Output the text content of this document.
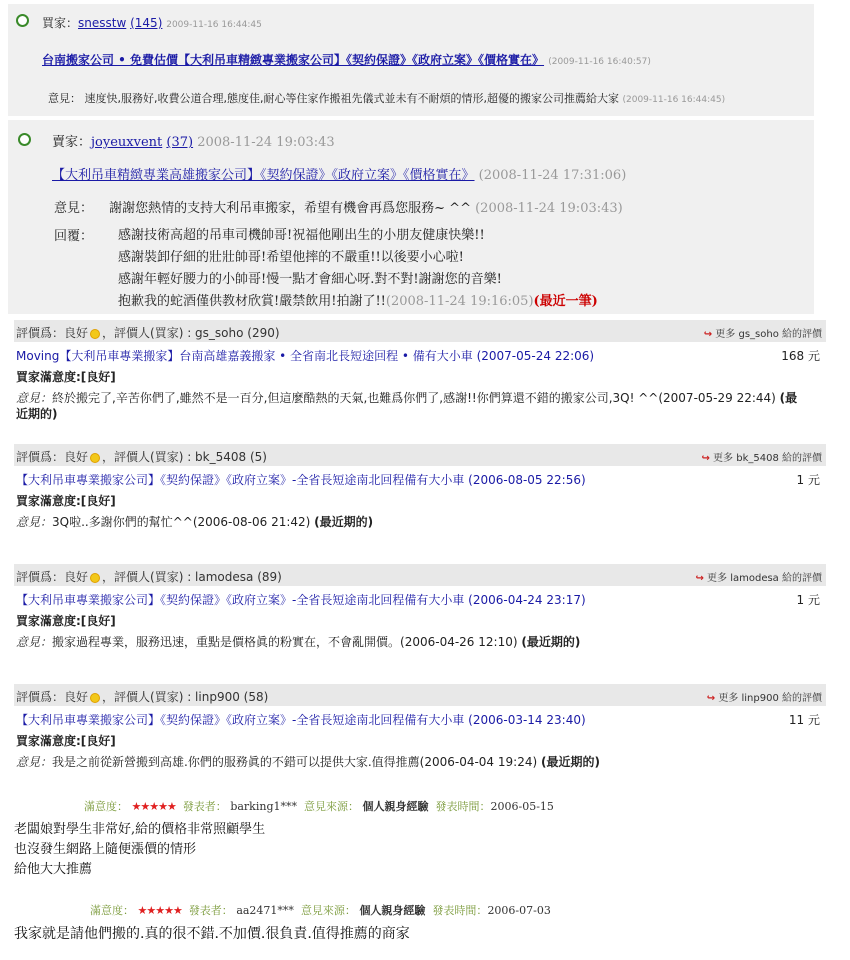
買家：snesstw (145) 2009-11-16 16:44:45
台南搬家公司 • 免費估價【大利吊車精緻專業搬家公司】《契約保證》《政府立案》《價格實在》 (2009-11-16 16:40:57)
意見： 速度快,服務好,收費公道合理,態度佳,耐心等住家作搬祖先儀式並未有不耐煩的情形,超優的搬家公司推薦給大家 (2009-11-16 16:44:45)
賣家：joyeuxvent (37) 2008-11-24 19:03:43
【大利吊車精緻專業高雄搬家公司】《契約保證》《政府立案》《價格實在》 (2008-11-24 17:31:06)
意見： 謝謝您熱情的支持大利吊車搬家，希望有機會再爲您服務~ ^^ (2008-11-24 19:03:43)
回覆： 感謝技術高超的吊車司機帥哥!祝福他剛出生的小朋友健康快樂!!
感謝裝卸仔細的壯壯帥哥!希望他摔的不嚴重!!以後要小心啦!
感謝年輕好腰力的小帥哥!慢一點才會細心呀.對不對!謝謝您的音樂!
抱歉我的蛇酒僅供教材欣賞!嚴禁飲用!拍謝了!!(2008-11-24 19:16:05)(最近一筆)
評價爲：良好 ，評價人(買家) : gs_soho (290)	↪ 更多 gs_soho 給的評價
Moving【大利吊車專業搬家】台南高雄嘉義搬家 • 全省南北長短途回程 • 備有大小車 (2007-05-24 22:06)	168 元
買家滿意度:[良好]
意見：終於搬完了,辛苦你們了,雖然不是一百分,但這麼酷熱的天氣,也難爲你們了,感謝!!你們算還不錯的搬家公司,3Q! ^^(2007-05-29 22:44) (最近期的)
評價爲：良好 ，評價人(買家) : bk_5408 (5)	↪ 更多 bk_5408 給的評價
【大利吊車專業搬家公司】《契約保證》《政府立案》-全省長短途南北回程備有大小車 (2006-08-05 22:56)	1 元
買家滿意度:[良好]
意見：3Q啦..多謝你們的幫忙^^(2006-08-06 21:42) (最近期的)
評價爲：良好 ，評價人(買家) : lamodesa (89)	↪ 更多 lamodesa 給的評價
【大利吊車專業搬家公司】《契約保證》《政府立案》-全省長短途南北回程備有大小車 (2006-04-24 23:17)	1 元
買家滿意度:[良好]
意見：搬家過程專業，服務迅速，重點是價格眞的粉實在，不會亂開價。(2006-04-26 12:10) (最近期的)
評價爲：良好 ，評價人(買家) : linp900 (58)	↪ 更多 linp900 給的評價
【大利吊車專業搬家公司】《契約保證》《政府立案》-全省長短途南北回程備有大小車 (2006-03-14 23:40)	11 元
買家滿意度:[良好]
意見：我是之前從新營搬到高雄.你們的服務眞的不錯可以提供大家.值得推薦(2006-04-04 19:24) (最近期的)
滿意度： ★★★★★ 發表者： barking1*** 意見來源： 個人親身經驗 發表時間：2006-05-15
老闆娘對學生非常好,給的價格非常照顧學生
也沒發生網路上隨便漲價的情形
給他大大推薦
滿意度： ★★★★★ 發表者： aa2471*** 意見來源： 個人親身經驗 發表時間：2006-07-03
我家就是請他們搬的.真的很不錯.不加價.很負責.值得推薦的商家
